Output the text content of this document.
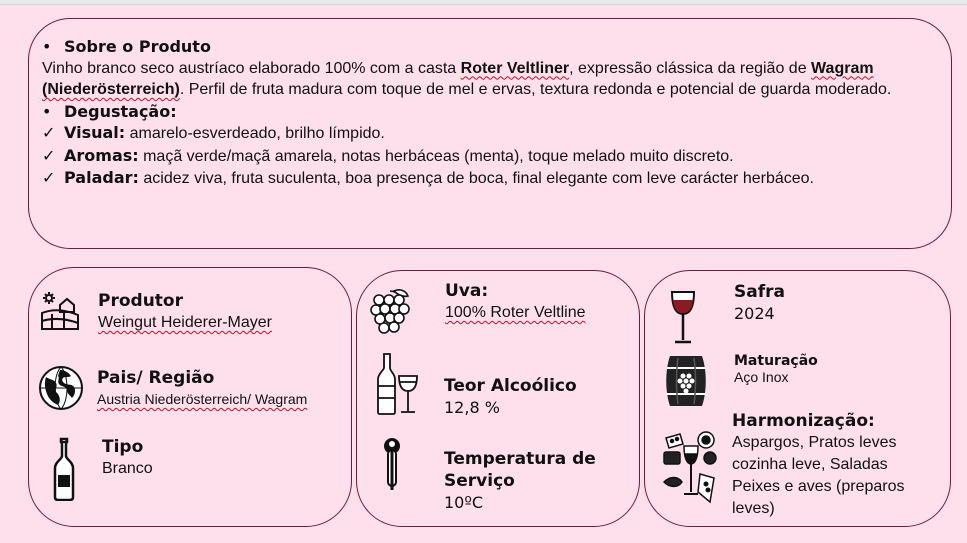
• Sobre o Produto

Vinho branco seco austríaco elaborado 100% com a casta Roter Veltliner, expressão clássica da região de Wagram (Niederösterreich). Perfil de fruta madura com toque de mel e ervas, textura redonda e potencial de guarda moderado.

• Degustação:
✓ Visual: amarelo-esverdeado, brilho límpido.
✓ Aromas: maçã verde/maçã amarela, notas herbáceas (menta), toque melado muito discreto.
✓ Paladar: acidez viva, fruta suculenta, boa presença de boca, final elegante com leve carácter herbáceo.
Produtor
Weingut Heiderer-Mayer
Pais/ Região
Austria Niederösterreich/ Wagram
Tipo
Branco
Uva:
100% Roter Veltline
Teor Alcoólico
12,8 %
Temperatura de
Serviço
10ºC
Safra
2024
Maturação
Aço Inox
Harmonização:
Aspargos, Pratos leves
cozinha leve, Saladas
Peixes e aves (preparos
leves)
